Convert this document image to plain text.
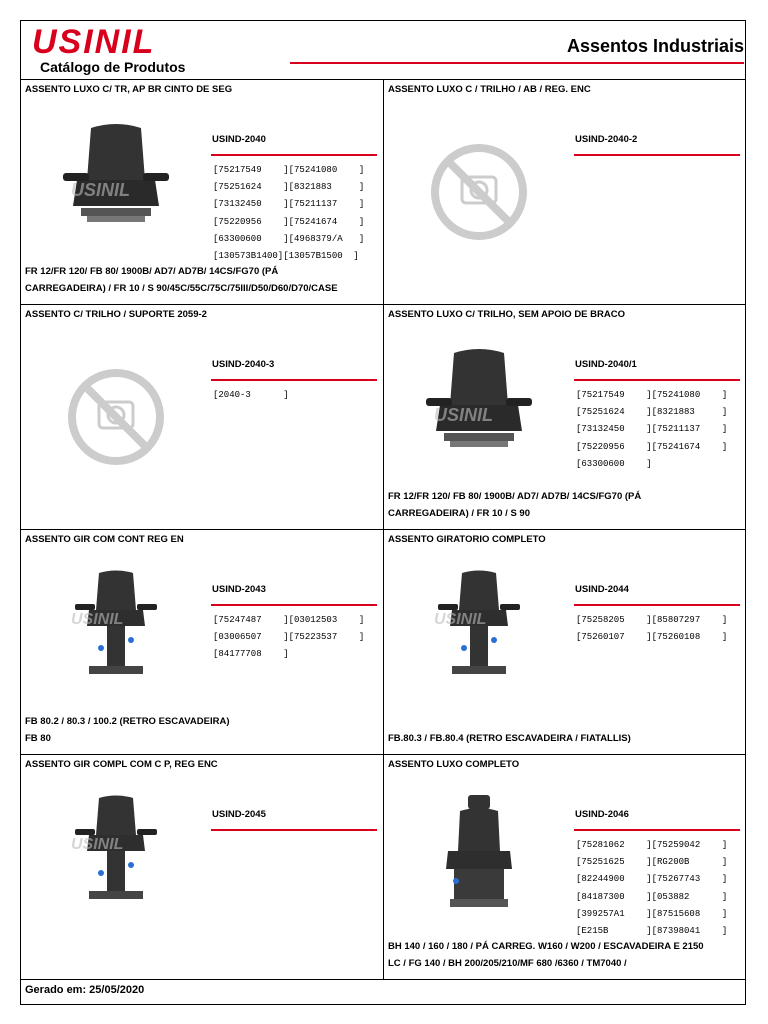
USINIL
Catálogo de Produtos
Assentos Industriais
ASSENTO LUXO C/ TR, AP BR CINTO DE SEG
USINIL
USIND-2040
[75217549    ][75241080    ]
[75251624    ][8321883     ]
[73132450    ][75211137    ]
[75220956    ][75241674    ]
[63300600    ][4968379/A   ]
[130573B1400][13057B1500  ]
FR 12/FR 120/ FB 80/ 1900B/ AD7/ AD7B/ 14CS/FG70 (PÁ
CARREGADEIRA) / FR 10 / S 90/45C/55C/75C/75III/D50/D60/D70/CASE
ASSENTO LUXO C / TRILHO / AB / REG. ENC
USIND-2040-2
ASSENTO C/ TRILHO / SUPORTE 2059-2
USIND-2040-3
[2040-3      ]
ASSENTO LUXO C/ TRILHO, SEM APOIO DE BRACO
USINIL
USIND-2040/1
[75217549    ][75241080    ]
[75251624    ][8321883     ]
[73132450    ][75211137    ]
[75220956    ][75241674    ]
[63300600    ]
FR 12/FR 120/ FB 80/ 1900B/ AD7/ AD7B/ 14CS/FG70 (PÁ
CARREGADEIRA) / FR 10 / S 90
ASSENTO GIR COM CONT REG EN
USINIL
USIND-2043
[75247487    ][03012503    ]
[03006507    ][75223537    ]
[84177708    ]
FB 80.2 / 80.3 / 100.2 (RETRO ESCAVADEIRA)
FB 80
ASSENTO GIRATORIO COMPLETO
USINIL
USIND-2044
[75258205    ][85807297    ]
[75260107    ][75260108    ]
FB.80.3 / FB.80.4 (RETRO ESCAVADEIRA / FIATALLIS)
ASSENTO GIR COMPL COM C P, REG ENC
USINIL
USIND-2045
ASSENTO LUXO COMPLETO
USIND-2046
[75281062    ][75259042    ]
[75251625    ][RG200B      ]
[82244900    ][75267743    ]
[84187300    ][053882      ]
[399257A1    ][87515608    ]
[E215B       ][87398041    ]
BH 140 / 160 / 180 / PÁ CARREG. W160 / W200 / ESCAVADEIRA E 2150
LC / FG 140 / BH 200/205/210/MF 680 /6360 / TM7040 /
Gerado em: 25/05/2020
